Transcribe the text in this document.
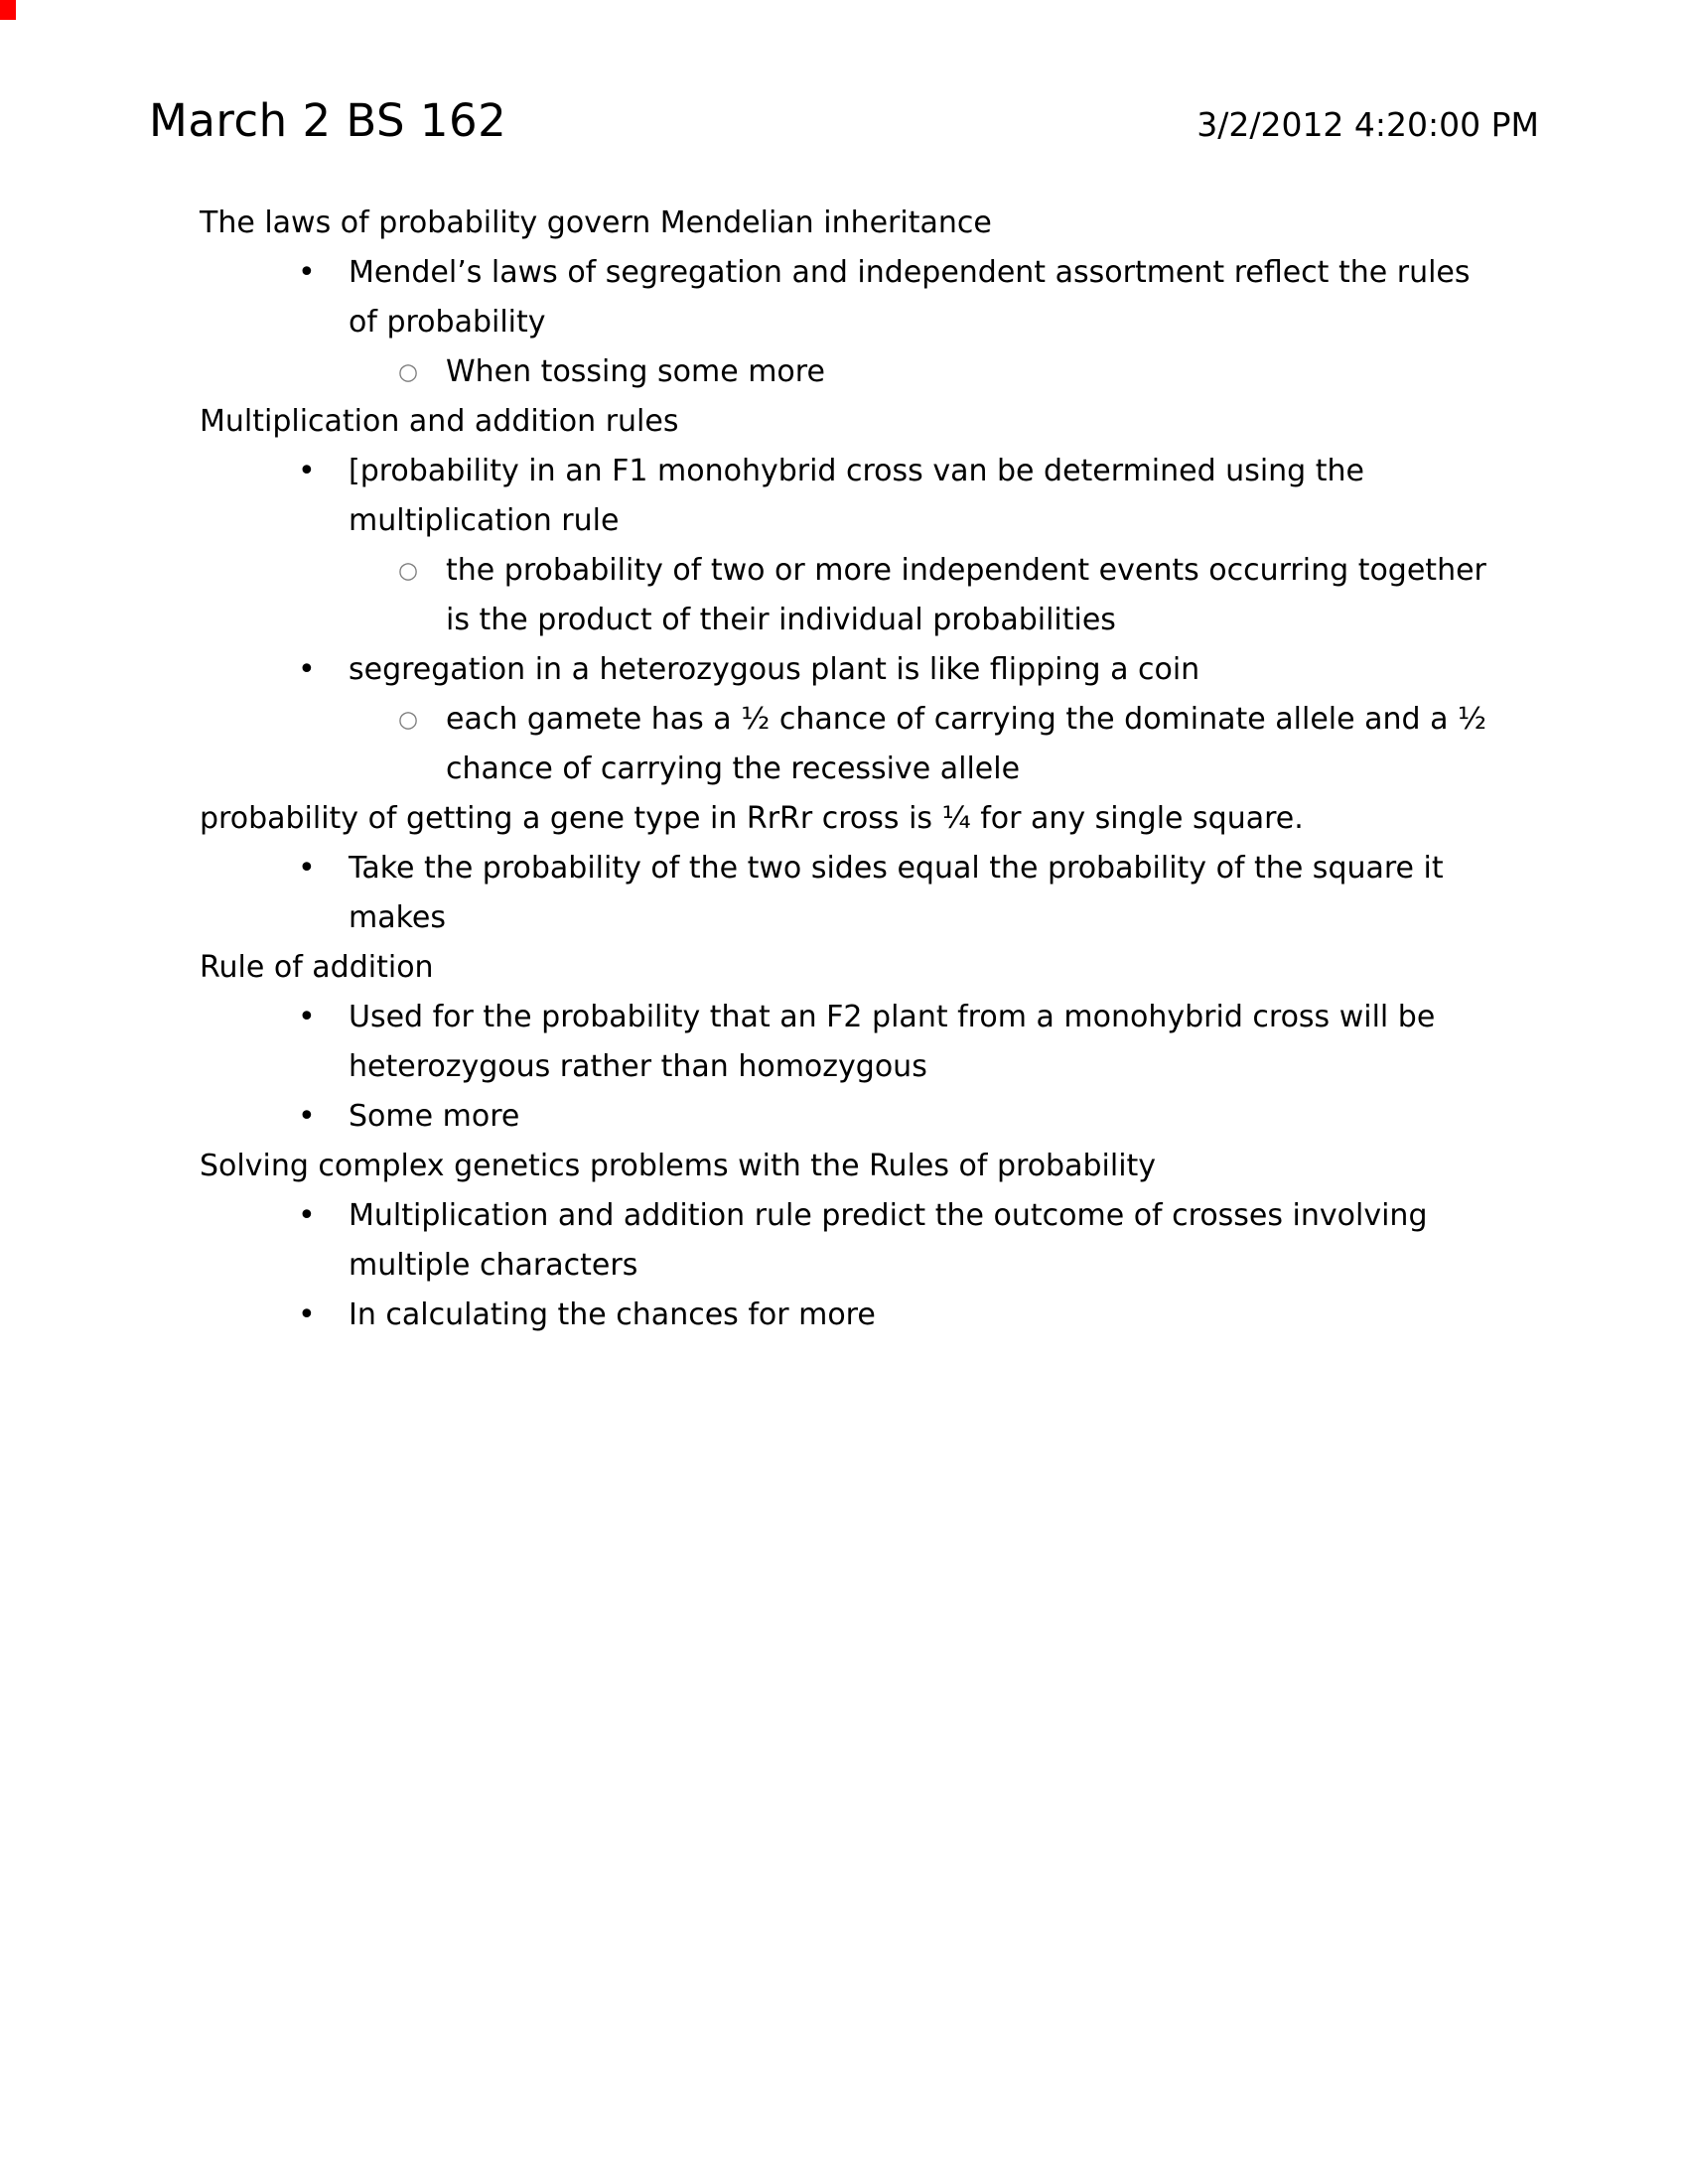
March 2 BS 162	3/2/2012 4:20:00 PM
The laws of probability govern Mendelian inheritance
• Mendel’s laws of segregation and independent assortment reflect the rules of probability
○ When tossing some more
Multiplication and addition rules
• [probability in an F1 monohybrid cross van be determined using the multiplication rule
○ the probability of two or more independent events occurring together is the product of their individual probabilities
• segregation in a heterozygous plant is like flipping a coin
○ each gamete has a ½ chance of carrying the dominate allele and a ½ chance of carrying the recessive allele
probability of getting a gene type in RrRr cross is ¼ for any single square.
• Take the probability of the two sides equal the probability of the square it makes
Rule of addition
• Used for the probability that an F2 plant from a monohybrid cross will be heterozygous rather than homozygous
• Some more
Solving complex genetics problems with the Rules of probability
• Multiplication and addition rule predict the outcome of crosses involving multiple characters
• In calculating the chances for more
